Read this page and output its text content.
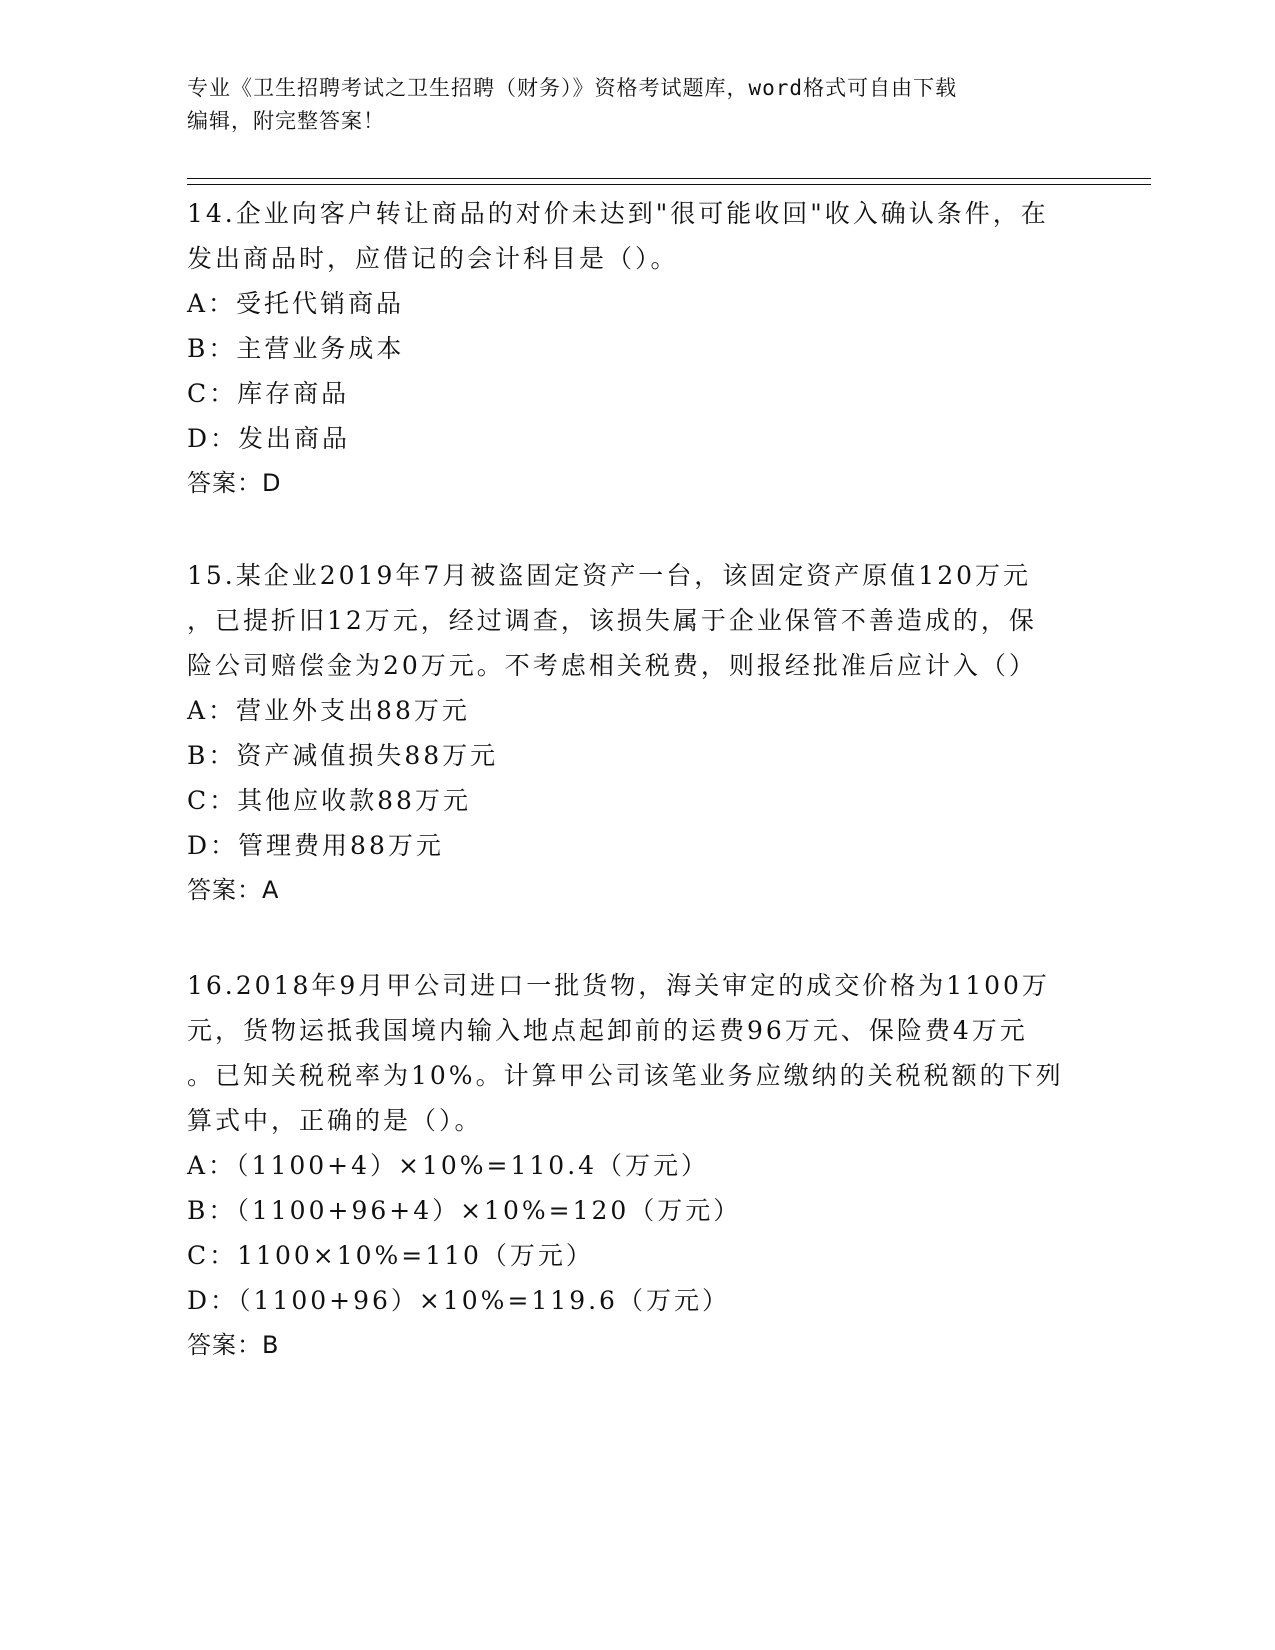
专业《卫生招聘考试之卫生招聘（财务）》资格考试题库，word格式可自由下载
编辑，附完整答案！
14.企业向客户转让商品的对价未达到"很可能收回"收入确认条件，在
发出商品时，应借记的会计科目是（）。
A：受托代销商品
B：主营业务成本
C：库存商品
D：发出商品
答案：D
15.某企业2019年7月被盗固定资产一台，该固定资产原值120万元
，已提折旧12万元，经过调查，该损失属于企业保管不善造成的，保
险公司赔偿金为20万元。不考虑相关税费，则报经批准后应计入（）
A：营业外支出88万元
B：资产减值损失88万元
C：其他应收款88万元
D：管理费用88万元
答案：A
16.2018年9月甲公司进口一批货物，海关审定的成交价格为1100万
元，货物运抵我国境内输入地点起卸前的运费96万元、保险费4万元
。已知关税税率为10%。计算甲公司该笔业务应缴纳的关税税额的下列
算式中，正确的是（）。
A：（1100+4）×10%=110.4（万元）
B：（1100+96+4）×10%=120（万元）
C：1100×10%=110（万元）
D：（1100+96）×10%=119.6（万元）
答案：B
